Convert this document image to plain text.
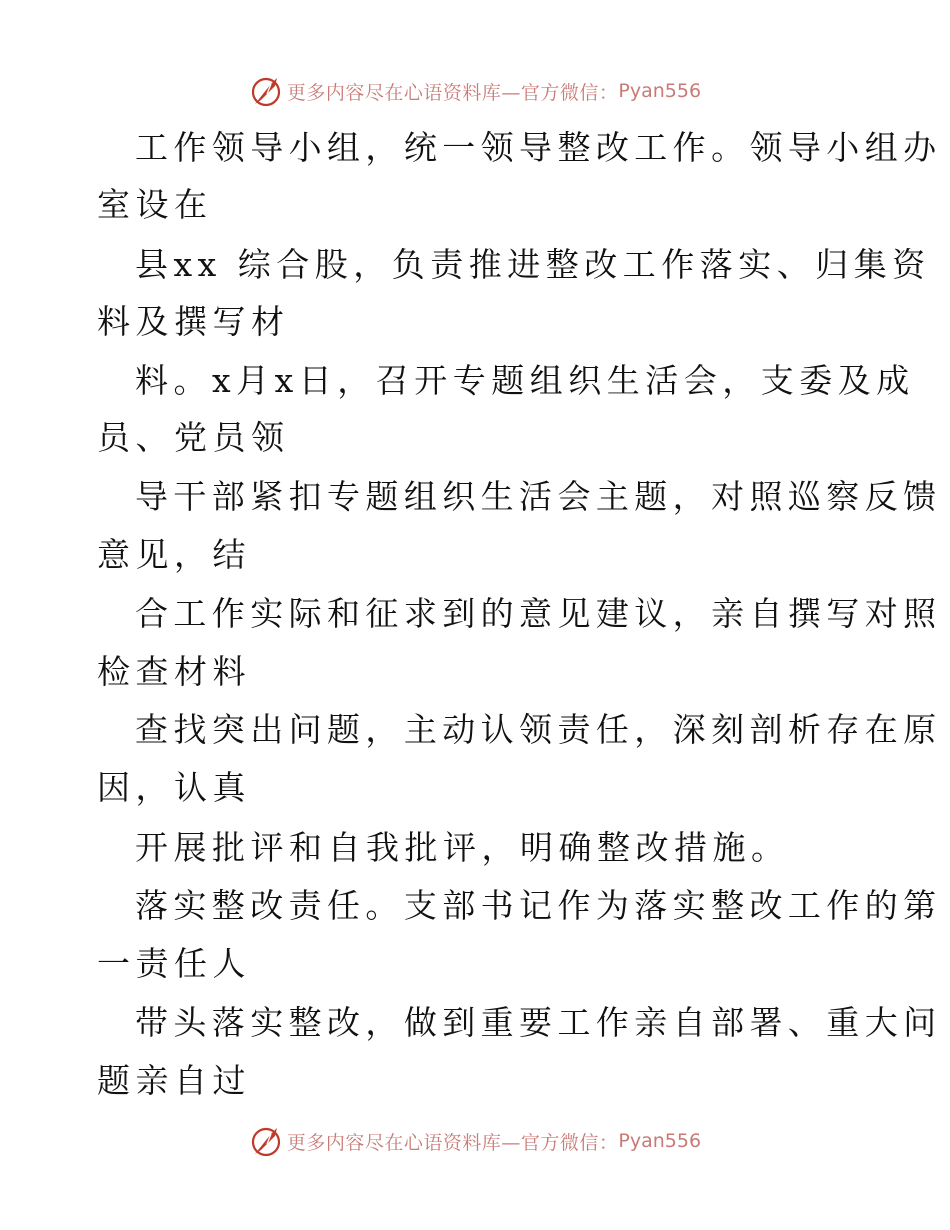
更多内容尽在心语资料库—官方微信： Pyan556
工作领导小组，统一领导整改工作。领导小组办
室设在
县xx 综合股，负责推进整改工作落实、归集资
料及撰写材
料。x月x日，召开专题组织生活会，支委及成
员、党员领
导干部紧扣专题组织生活会主题，对照巡察反馈
意见，结
合工作实际和征求到的意见建议，亲自撰写对照
检查材料
查找突出问题，主动认领责任，深刻剖析存在原
因，认真
开展批评和自我批评，明确整改措施。
落实整改责任。支部书记作为落实整改工作的第
一责任人
带头落实整改，做到重要工作亲自部署、重大问
题亲自过
更多内容尽在心语资料库—官方微信： Pyan556
